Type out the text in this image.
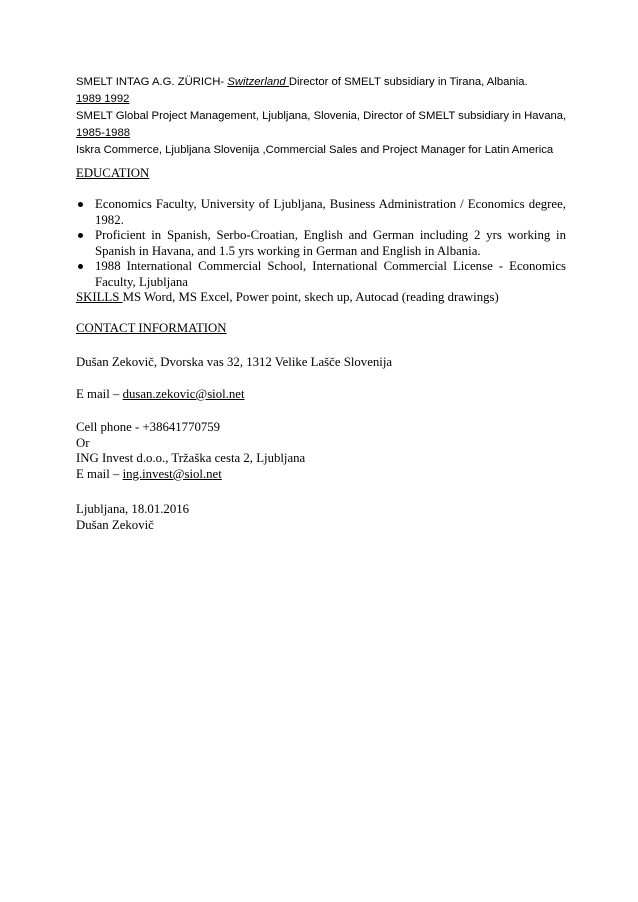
SMELT INTAG A.G. ZÜRICH- Switzerland Director of SMELT subsidiary in Tirana, Albania.
1989 1992
SMELT Global Project Management, Ljubljana, Slovenia, Director of SMELT subsidiary in Havana,
1985-1988
Iskra Commerce, Ljubljana Slovenija ,Commercial Sales and Project Manager for Latin America
EDUCATION
Economics Faculty, University of Ljubljana, Business Administration / Economics degree, 1982.
Proficient in Spanish, Serbo-Croatian, English and German including 2 yrs working in Spanish in Havana, and 1.5 yrs working in German and English in Albania.
1988 International Commercial School, International Commercial License - Economics Faculty, Ljubljana
SKILLS MS Word, MS Excel, Power point, skech up, Autocad (reading drawings)
CONTACT INFORMATION
Dušan Zekovič, Dvorska vas 32, 1312 Velike Lašče Slovenija
E mail – dusan.zekovic@siol.net
Cell phone - +38641770759
Or
ING Invest d.o.o., Tržaška cesta 2, Ljubljana
E mail – ing.invest@siol.net
Ljubljana, 18.01.2016
Dušan Zekovič
